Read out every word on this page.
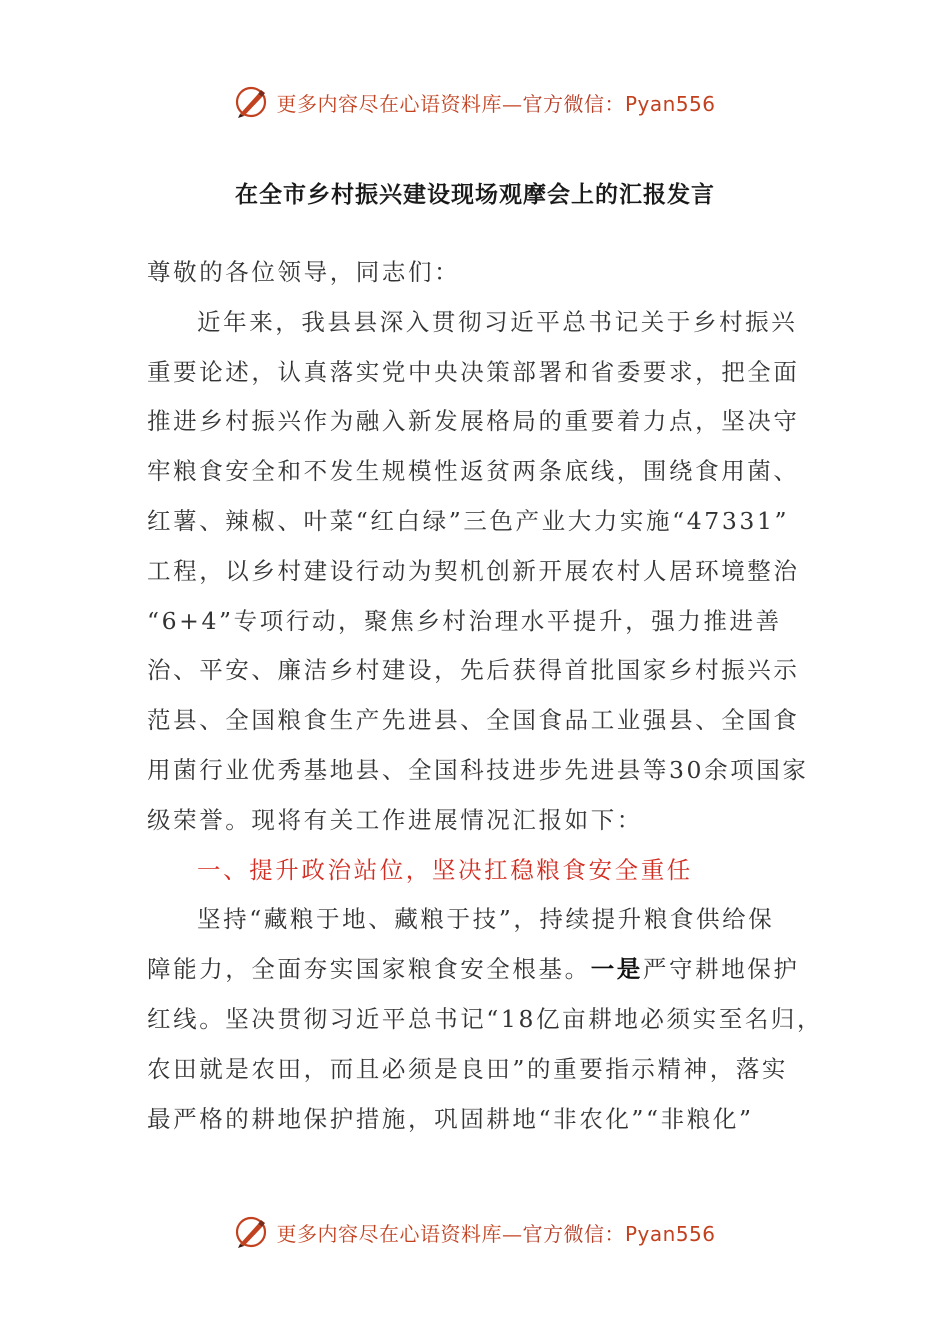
更多内容尽在心语资料库—官方微信：Pyan556
在全市乡村振兴建设现场观摩会上的汇报发言
尊敬的各位领导，同志们：
近年来，我县县深入贯彻习近平总书记关于乡村振兴
重要论述，认真落实党中央决策部署和省委要求，把全面
推进乡村振兴作为融入新发展格局的重要着力点，坚决守
牢粮食安全和不发生规模性返贫两条底线，围绕食用菌、
红薯、辣椒、叶菜“红白绿”三色产业大力实施“47331”
工程，以乡村建设行动为契机创新开展农村人居环境整治
“6+4”专项行动，聚焦乡村治理水平提升，强力推进善
治、平安、廉洁乡村建设，先后获得首批国家乡村振兴示
范县、全国粮食生产先进县、全国食品工业强县、全国食
用菌行业优秀基地县、全国科技进步先进县等30余项国家
级荣誉。现将有关工作进展情况汇报如下：
一、提升政治站位，坚决扛稳粮食安全重任
坚持“藏粮于地、藏粮于技”，持续提升粮食供给保
障能力，全面夯实国家粮食安全根基。一是严守耕地保护
红线。坚决贯彻习近平总书记“18亿亩耕地必须实至名归，
农田就是农田，而且必须是良田”的重要指示精神，落实
最严格的耕地保护措施，巩固耕地“非农化”“非粮化”
更多内容尽在心语资料库—官方微信：Pyan556
